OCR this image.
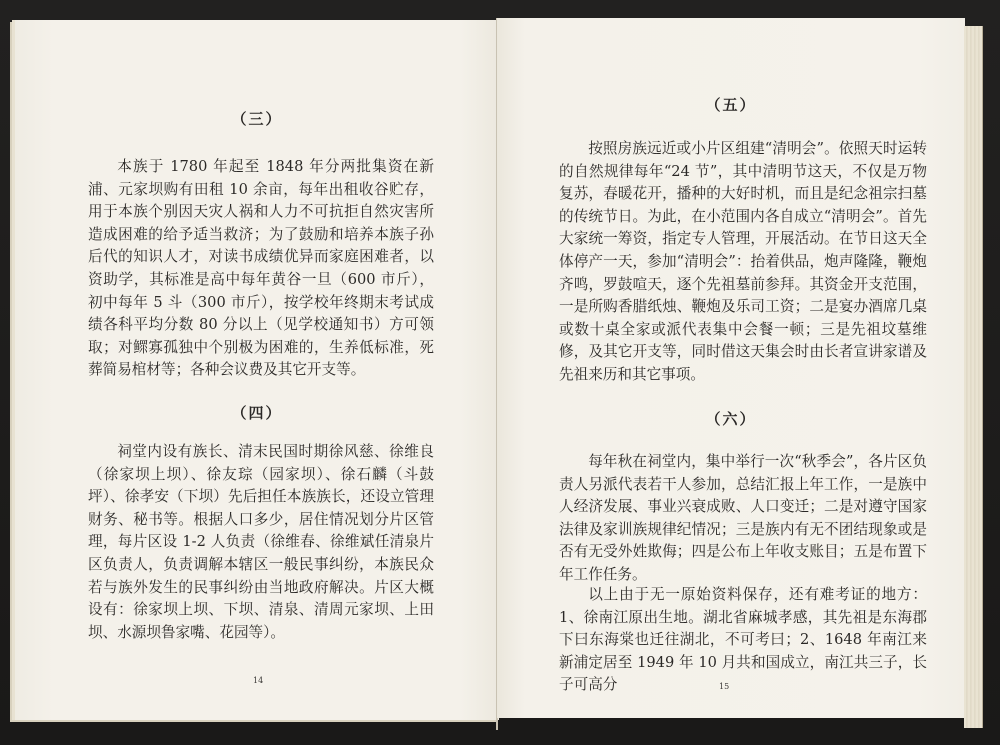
（三）

本族于 1780 年起至 1848 年分两批集资在新浦、元家坝购有田租 10 余亩，每年出租收谷贮存，用于本族个别因天灾人祸和人力不可抗拒自然灾害所造成困难的给予适当救济；为了鼓励和培养本族子孙后代的知识人才，对读书成绩优异而家庭困难者，以资助学，其标准是高中每年黄谷一旦（600 市斤），初中每年 5 斗（300 市斤），按学校年终期末考试成绩各科平均分数 80 分以上（见学校通知书）方可领取；对鳏寡孤独中个别极为困难的，生养低标准，死葬简易棺材等；各种会议费及其它开支等。

（四）

祠堂内设有族长、清末民国时期徐风慈、徐维良（徐家坝上坝）、徐友琮（园家坝）、徐石麟（斗鼓坪）、徐孝安（下坝）先后担任本族族长，还设立管理财务、秘书等。根据人口多少，居住情况划分片区管理，每片区设 1-2 人负责（徐维春、徐维斌任清泉片区负责人，负责调解本辖区一般民事纠纷，本族民众若与族外发生的民事纠纷由当地政府解决。片区大概设有：徐家坝上坝、下坝、清泉、清周元家坝、上田坝、水源坝鲁家嘴、花园等）。

14
（五）

按照房族远近或小片区组建“清明会”。依照天时运转的自然规律每年“24 节”，其中清明节这天，不仅是万物复苏，春暖花开，播种的大好时机，而且是纪念祖宗扫墓的传统节日。为此，在小范围内各自成立“清明会”。首先大家统一筹资，指定专人管理，开展活动。在节日这天全体停产一天，参加“清明会”：抬着供品，炮声隆隆，鞭炮齐鸣，罗鼓喧天，逐个先祖墓前参拜。其资金开支范围，一是所购香腊纸烛、鞭炮及乐司工资；二是宴办酒席几桌或数十桌全家或派代表集中会餐一顿；三是先祖坟墓维修，及其它开支等，同时借这天集会时由长者宣讲家谱及先祖来历和其它事项。

（六）

每年秋在祠堂内，集中举行一次“秋季会”，各片区负责人另派代表若干人参加，总结汇报上年工作，一是族中人经济发展、事业兴衰成败、人口变迁；二是对遵守国家法律及家训族规律纪情况；三是族内有无不团结现象或是否有无受外姓欺侮；四是公布上年收支账目；五是布置下年工作任务。

以上由于无一原始资料保存，还有难考证的地方：1、徐南江原出生地。湖北省麻城孝感，其先祖是东海郡下曰东海棠也迁往湖北，不可考曰；2、1648 年南江来新浦定居至 1949 年 10 月共和国成立，南江共三子，长子可高分	15
